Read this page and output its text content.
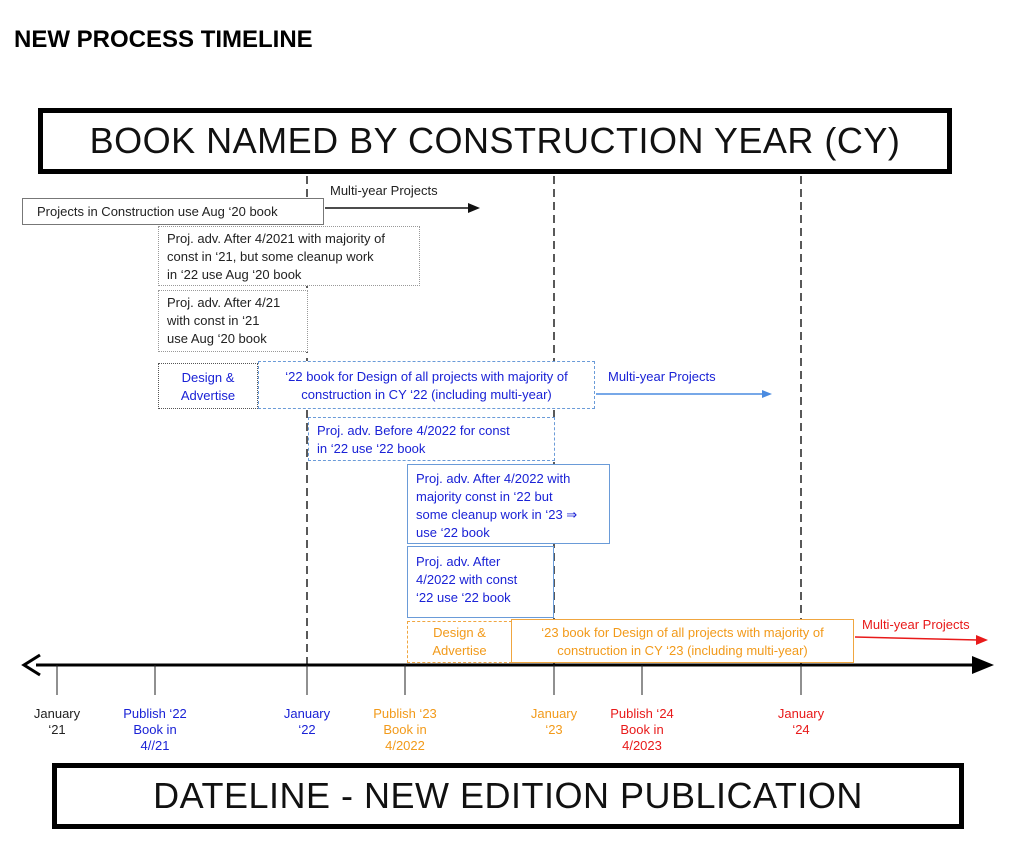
NEW PROCESS TIMELINE
BOOK NAMED BY CONSTRUCTION YEAR (CY)
Multi-year Projects
Multi-year Projects
Multi-year Projects
Projects in Construction use Aug ‘20 book
Proj. adv. After 4/2021 with majority of
const in ‘21, but some cleanup work
in ‘22 use Aug ‘20 book
Proj. adv. After 4/21
with const in ‘21
use Aug ‘20 book
Design &
Advertise
‘22 book for Design of all projects with majority of
construction in CY ‘22 (including multi-year)
Proj. adv. Before 4/2022 for const
in ‘22 use ‘22 book
Proj. adv. After 4/2022 with
majority const in ‘22 but
some cleanup work in ‘23 ⇒
use ‘22 book
Proj. adv. After
4/2022 with const
‘22 use ‘22 book
Design &
Advertise
‘23 book for Design of all projects with majority of
construction in CY ‘23 (including multi-year)
January
‘21
Publish ‘22
Book in
4//21
January
‘22
Publish ‘23
Book in
4/2022
January
‘23
Publish ‘24
Book in
4/2023
January
‘24
DATELINE - NEW EDITION PUBLICATION
